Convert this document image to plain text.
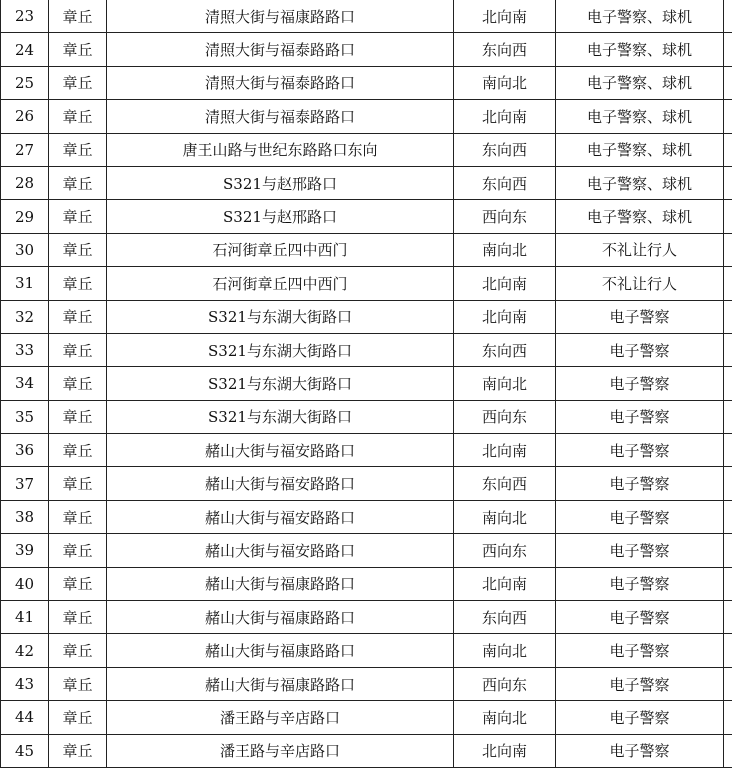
23	章丘	清照大街与福康路路口	北向南	电子警察、球机	
24	章丘	清照大街与福泰路路口	东向西	电子警察、球机	
25	章丘	清照大街与福泰路路口	南向北	电子警察、球机	
26	章丘	清照大街与福泰路路口	北向南	电子警察、球机	
27	章丘	唐王山路与世纪东路路口东向	东向西	电子警察、球机	
28	章丘	S321与赵邢路口	东向西	电子警察、球机	
29	章丘	S321与赵邢路口	西向东	电子警察、球机	
30	章丘	石河街章丘四中西门	南向北	不礼让行人	
31	章丘	石河街章丘四中西门	北向南	不礼让行人	
32	章丘	S321与东湖大街路口	北向南	电子警察	
33	章丘	S321与东湖大街路口	东向西	电子警察	
34	章丘	S321与东湖大街路口	南向北	电子警察	
35	章丘	S321与东湖大街路口	西向东	电子警察	
36	章丘	赭山大街与福安路路口	北向南	电子警察	
37	章丘	赭山大街与福安路路口	东向西	电子警察	
38	章丘	赭山大街与福安路路口	南向北	电子警察	
39	章丘	赭山大街与福安路路口	西向东	电子警察	
40	章丘	赭山大街与福康路路口	北向南	电子警察	
41	章丘	赭山大街与福康路路口	东向西	电子警察	
42	章丘	赭山大街与福康路路口	南向北	电子警察	
43	章丘	赭山大街与福康路路口	西向东	电子警察	
44	章丘	潘王路与辛店路口	南向北	电子警察	
45	章丘	潘王路与辛店路口	北向南	电子警察	
